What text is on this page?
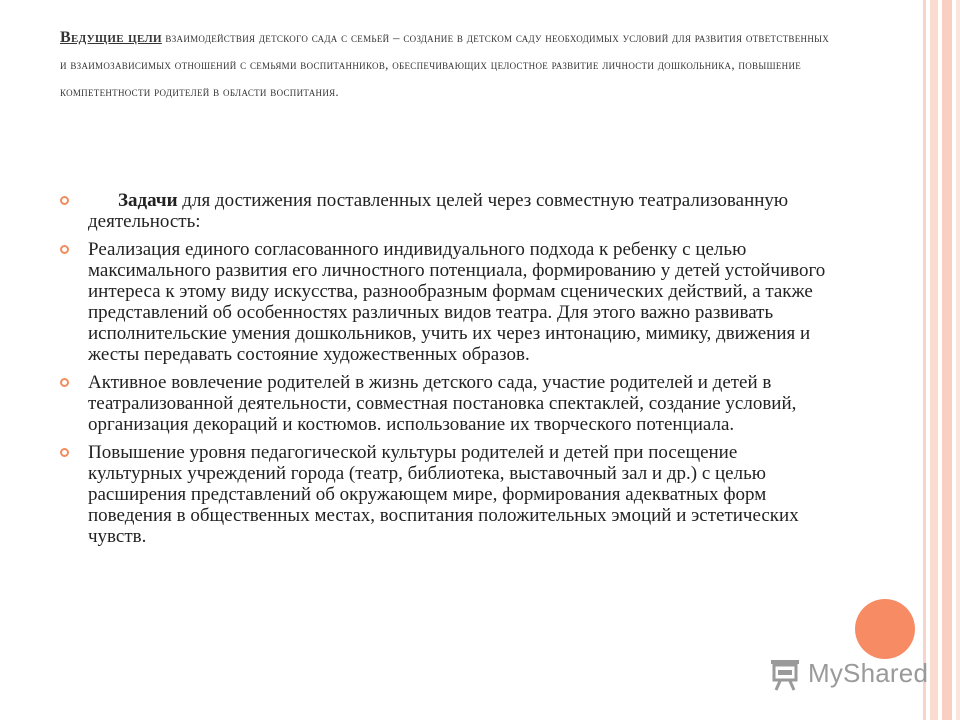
Ведущие цели взаимодействия детского сада с семьей – создание в детском саду необходимых условий для развития ответственных и взаимозависимых отношений с семьями воспитанников, обеспечивающих целостное развитие личности дошкольника, повышение компетентности родителей в области воспитания.

Задачи для достижения поставленных целей через совместную театрализованную деятельность:
Реализация единого согласованного индивидуального подхода к ребенку с целью максимального развития его личностного потенциала, формированию у детей устойчивого интереса к этому виду искусства, разнообразным формам сценических действий, а также представлений об особенностях различных видов театра. Для этого важно развивать исполнительские умения дошкольников, учить их через интонацию, мимику, движения и жесты передавать состояние художественных образов.
Активное вовлечение родителей в жизнь детского сада, участие родителей и детей в театрализованной деятельности, совместная постановка спектаклей, создание условий, организация декораций и костюмов. использование их творческого потенциала.
Повышение уровня педагогической культуры родителей и детей при посещение культурных учреждений города (театр, библиотека, выставочный зал и др.) с целью расширения представлений об окружающем мире, формирования адекватных форм поведения в общественных местах, воспитания положительных эмоций и эстетических чувств.
MyShared
